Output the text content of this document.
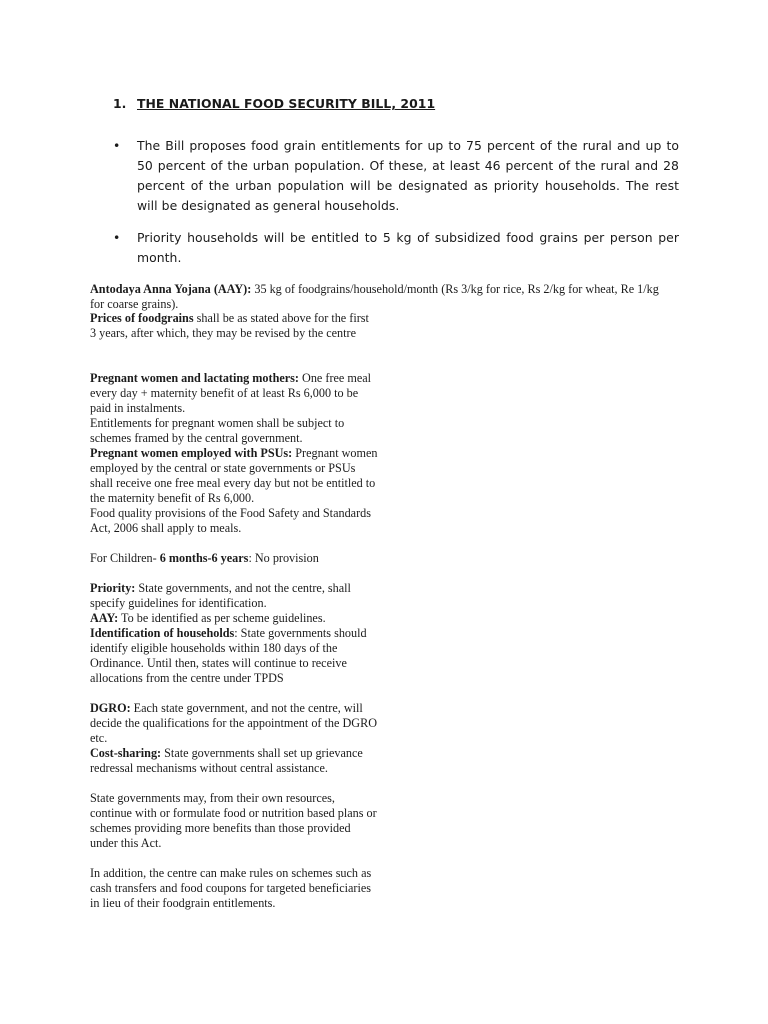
1. THE NATIONAL FOOD SECURITY BILL, 2011
• The Bill proposes food grain entitlements for up to 75 percent of the rural and up to 50 percent of the urban population. Of these, at least 46 percent of the rural and 28 percent of the urban population will be designated as priority households. The rest will be designated as general households.
• Priority households will be entitled to 5 kg of subsidized food grains per person per month.
Antodaya Anna Yojana (AAY): 35 kg of foodgrains/household/month (Rs 3/kg for rice, Rs 2/kg for wheat, Re 1/kg for coarse grains).

Prices of foodgrains shall be as stated above for the first 3 years, after which, they may be revised by the centre

Pregnant women and lactating mothers: One free meal every day + maternity benefit of at least Rs 6,000 to be paid in instalments.

Entitlements for pregnant women shall be subject to schemes framed by the central government.

Pregnant women employed with PSUs: Pregnant women employed by the central or state governments or PSUs shall receive one free meal every day but not be entitled to the maternity benefit of Rs 6,000.

Food quality provisions of the Food Safety and Standards Act, 2006 shall apply to meals.

For Children- 6 months-6 years: No provision

Priority: State governments, and not the centre, shall specify guidelines for identification.

AAY: To be identified as per scheme guidelines.

Identification of households: State governments should identify eligible households within 180 days of the Ordinance. Until then, states will continue to receive allocations from the centre under TPDS

DGRO: Each state government, and not the centre, will decide the qualifications for the appointment of the DGRO etc.

Cost-sharing: State governments shall set up grievance redressal mechanisms without central assistance.

State governments may, from their own resources, continue with or formulate food or nutrition based plans or schemes providing more benefits than those provided under this Act.

In addition, the centre can make rules on schemes such as cash transfers and food coupons for targeted beneficiaries in lieu of their foodgrain entitlements.
